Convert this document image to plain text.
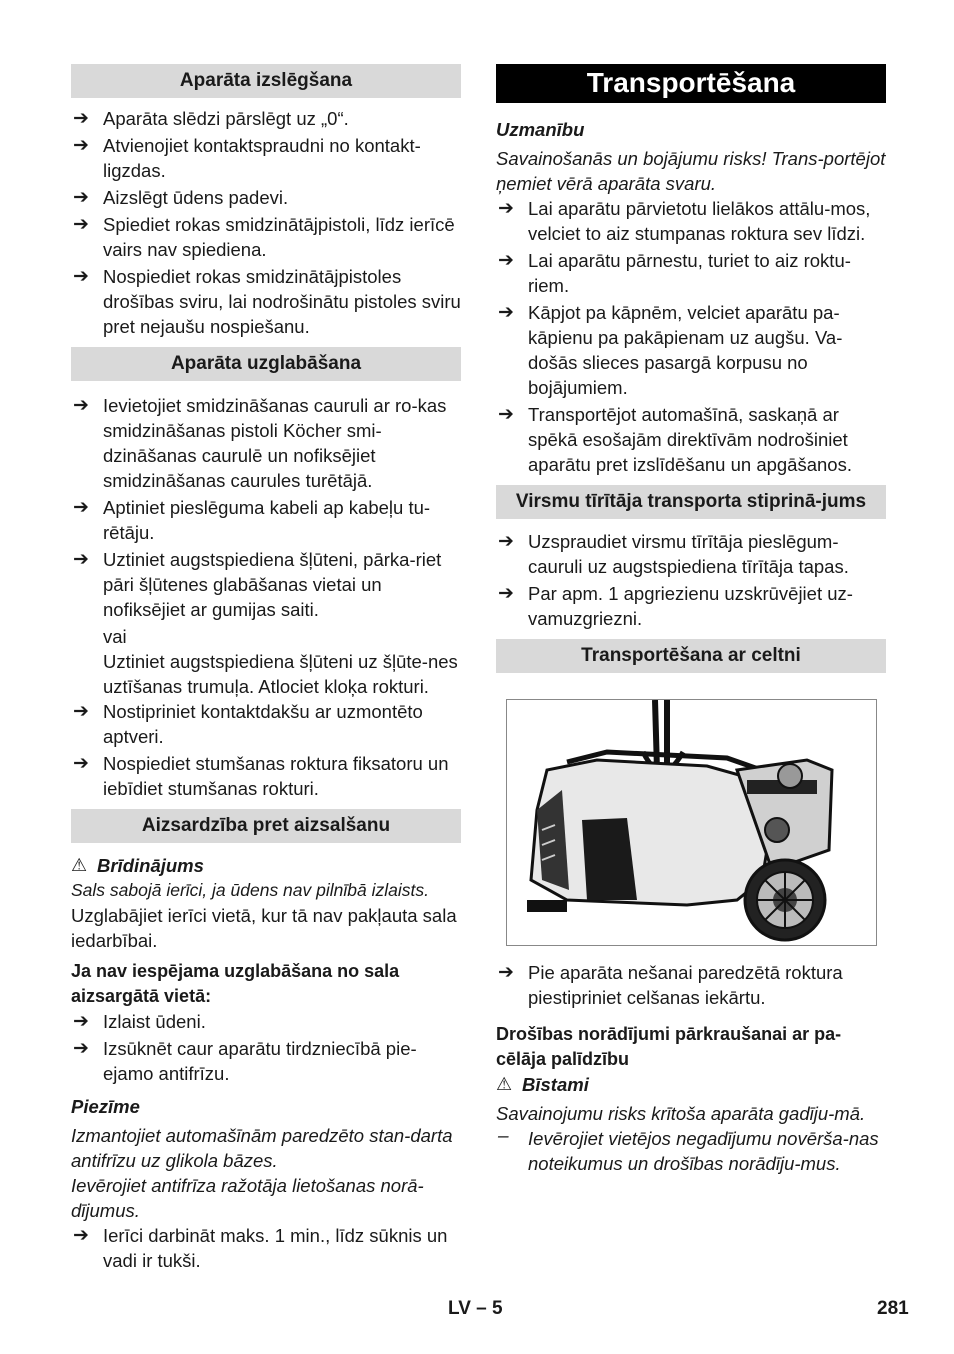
Aparāta izslēgšana
➔ Aparāta slēdzi pārslēgt uz „0“.
➔ Atvienojiet kontaktspraudni no kontakt-ligzdas.
➔ Aizslēgt ūdens padevi.
➔ Spiediet rokas smidzinātājpistoli, līdz ierīcē vairs nav spiediena.
➔ Nospiediet rokas smidzinātājpistoles drošības sviru, lai nodrošinātu pistoles sviru pret nejaušu nospiešanu.
Aparāta uzglabāšana
➔ Ievietojiet smidzināšanas cauruli ar ro-kas smidzināšanas pistoli Köcher smi-dzināšanas caurulē un nofiksējiet smidzināšanas caurules turētājā.
➔ Aptiniet pieslēguma kabeli ap kabeļu tu-rētāju.
➔ Uztiniet augstspiediena šļūteni, pārka-riet pāri šļūtenes glabāšanas vietai un nofiksējiet ar gumijas saiti.

vai

Uztiniet augstspiediena šļūteni uz šļūte-nes uztīšanas trumuļa. Atlociet kloķa rokturi.

➔ Nostipriniet kontaktdakšu ar uzmontēto aptveri.
➔ Nospiediet stumšanas roktura fiksatoru un iebīdiet stumšanas rokturi.
Aizsardzība pret aizsalšanu
⚠ Brīdinājums

Sals sabojā ierīci, ja ūdens nav pilnībā izlaists.

Uzglabājiet ierīci vietā, kur tā nav pakļauta sala iedarbībai.

Ja nav iespējama uzglabāšana no sala aizsargātā vietā:

➔ Izlaist ūdeni.
➔ Izsūknēt caur aparātu tirdzniecībā pie-ejamo antifrīzu.

Piezīme

Izmantojiet automašīnām paredzēto stan-darta antifrīzu uz glikola bāzes.

Ievērojiet antifrīza ražotāja lietošanas norā-dījumus.

➔ Ierīci darbināt maks. 1 min., līdz sūknis un vadi ir tukši.
Transportēšana

Uzmanību

Savainošanās un bojājumu risks! Trans-portējot ņemiet vērā aparāta svaru.

➔ Lai aparātu pārvietotu lielākos attālu-mos, velciet to aiz stumpanas roktura sev līdzi.
➔ Lai aparātu pārnestu, turiet to aiz roktu-riem.
➔ Kāpjot pa kāpnēm, velciet aparātu pa-kāpienu pa pakāpienam uz augšu. Va-došās slieces pasargā korpusu no bojājumiem.
➔ Transportējot automašīnā, saskaņā ar spēkā esošajām direktīvām nodrošiniet aparātu pret izslīdēšanu un apgāšanos.
Virsmu tīrītāja transporta stiprinā-jums
➔ Uzspraudiet virsmu tīrītāja pieslēgum-cauruli uz augstspiediena tīrītāja tapas.
➔ Par apm. 1 apgriezienu uzskrūvējiet uz-vamuzgriezni.
Transportēšana ar celtni
➔ Pie aparāta nešanai paredzētā roktura piestipriniet celšanas iekārtu.

Drošības norādījumi pārkraušanai ar pa-cēlāja palīdzību

⚠ Bīstami

Savainojumu risks krītoša aparāta gadīju-mā.

– Ievērojiet vietējos negadījumu novērša-nas noteikumus un drošības norādīju-mus.
LV – 5	281
